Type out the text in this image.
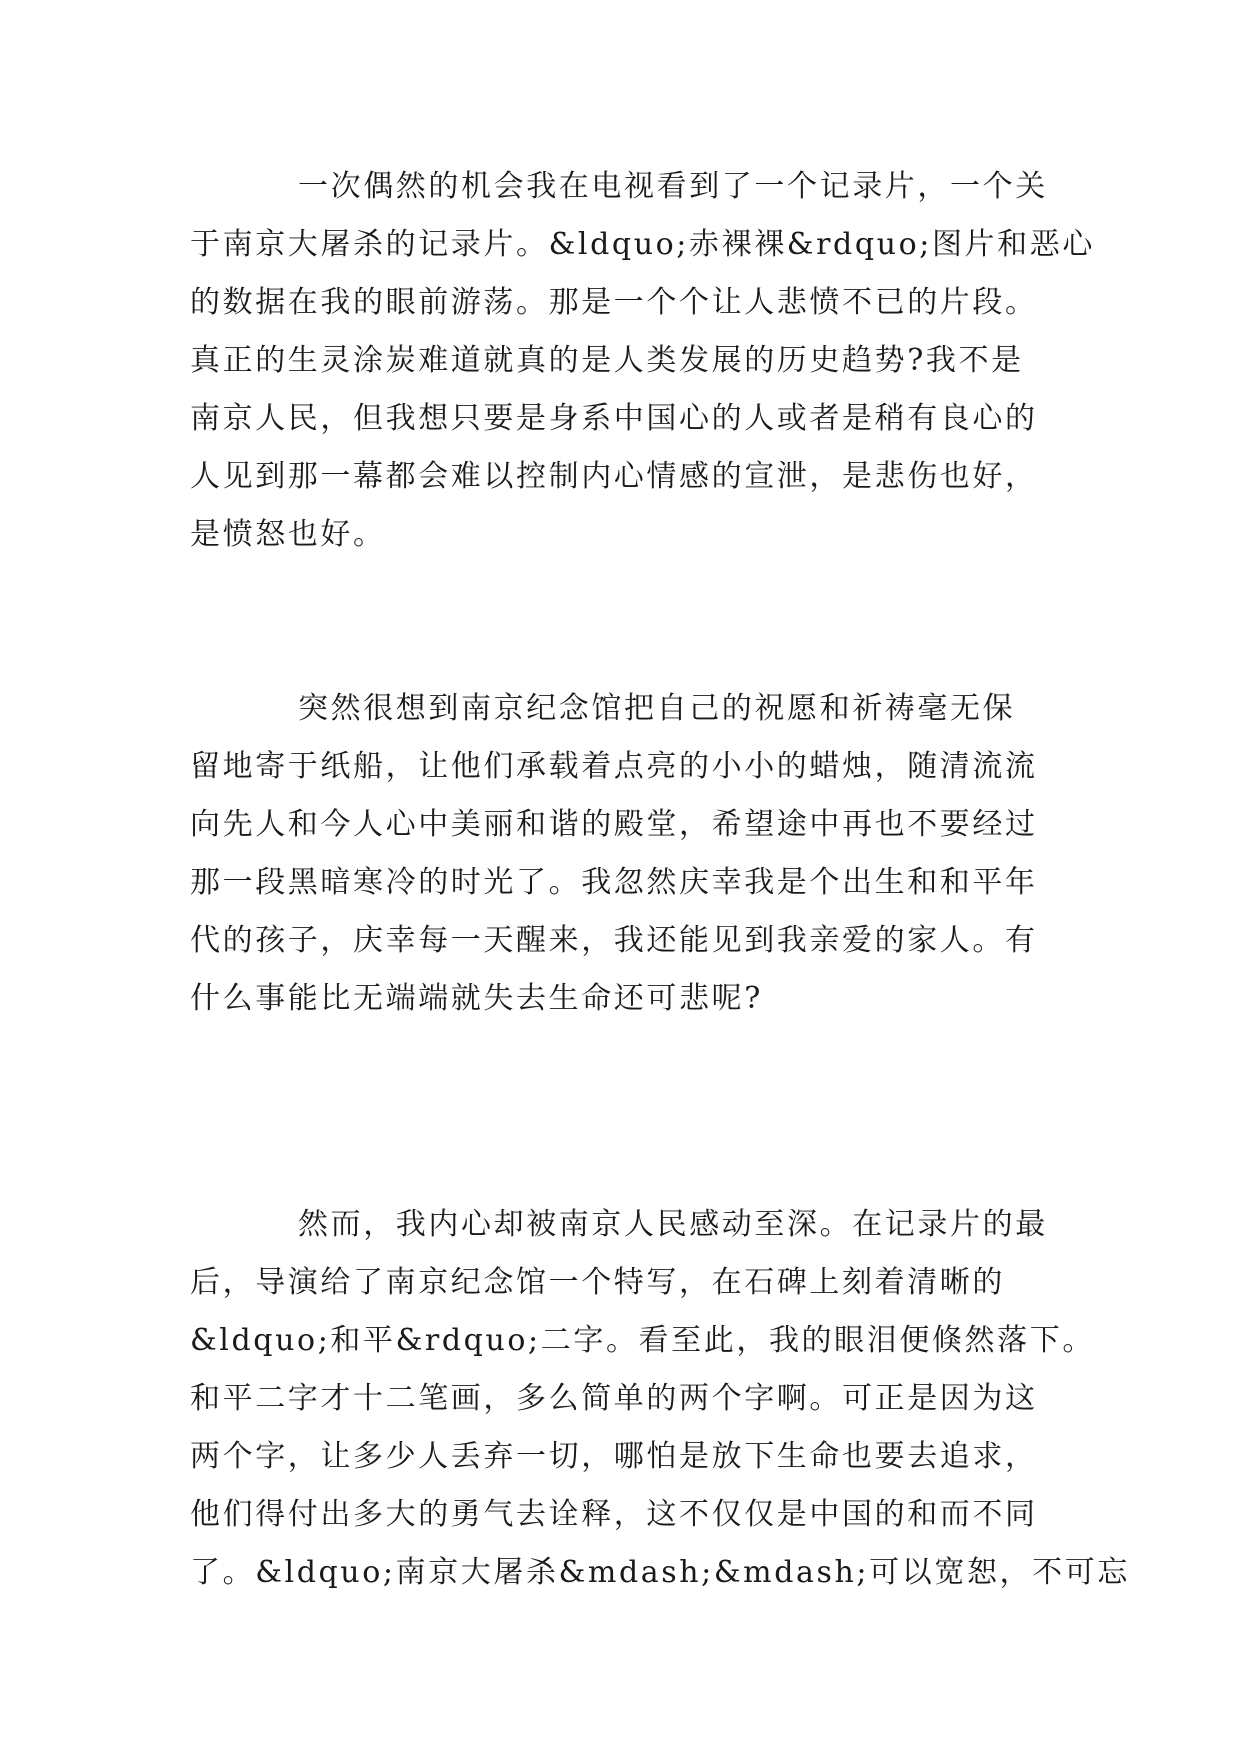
一次偶然的机会我在电视看到了一个记录片，一个关
于南京大屠杀的记录片。&ldquo;赤裸裸&rdquo;图片和恶心
的数据在我的眼前游荡。那是一个个让人悲愤不已的片段。
真正的生灵涂炭难道就真的是人类发展的历史趋势?我不是
南京人民，但我想只要是身系中国心的人或者是稍有良心的
人见到那一幕都会难以控制内心情感的宣泄，是悲伤也好，
是愤怒也好。
突然很想到南京纪念馆把自己的祝愿和祈祷毫无保
留地寄于纸船，让他们承载着点亮的小小的蜡烛，随清流流
向先人和今人心中美丽和谐的殿堂，希望途中再也不要经过
那一段黑暗寒冷的时光了。我忽然庆幸我是个出生和和平年
代的孩子，庆幸每一天醒来，我还能见到我亲爱的家人。有
什么事能比无端端就失去生命还可悲呢?
然而，我内心却被南京人民感动至深。在记录片的最
后，导演给了南京纪念馆一个特写，在石碑上刻着清晰的
&ldquo;和平&rdquo;二字。看至此，我的眼泪便倏然落下。
和平二字才十二笔画，多么简单的两个字啊。可正是因为这
两个字，让多少人丢弃一切，哪怕是放下生命也要去追求，
他们得付出多大的勇气去诠释，这不仅仅是中国的和而不同
了。&ldquo;南京大屠杀&mdash;&mdash;可以宽恕，不可忘
